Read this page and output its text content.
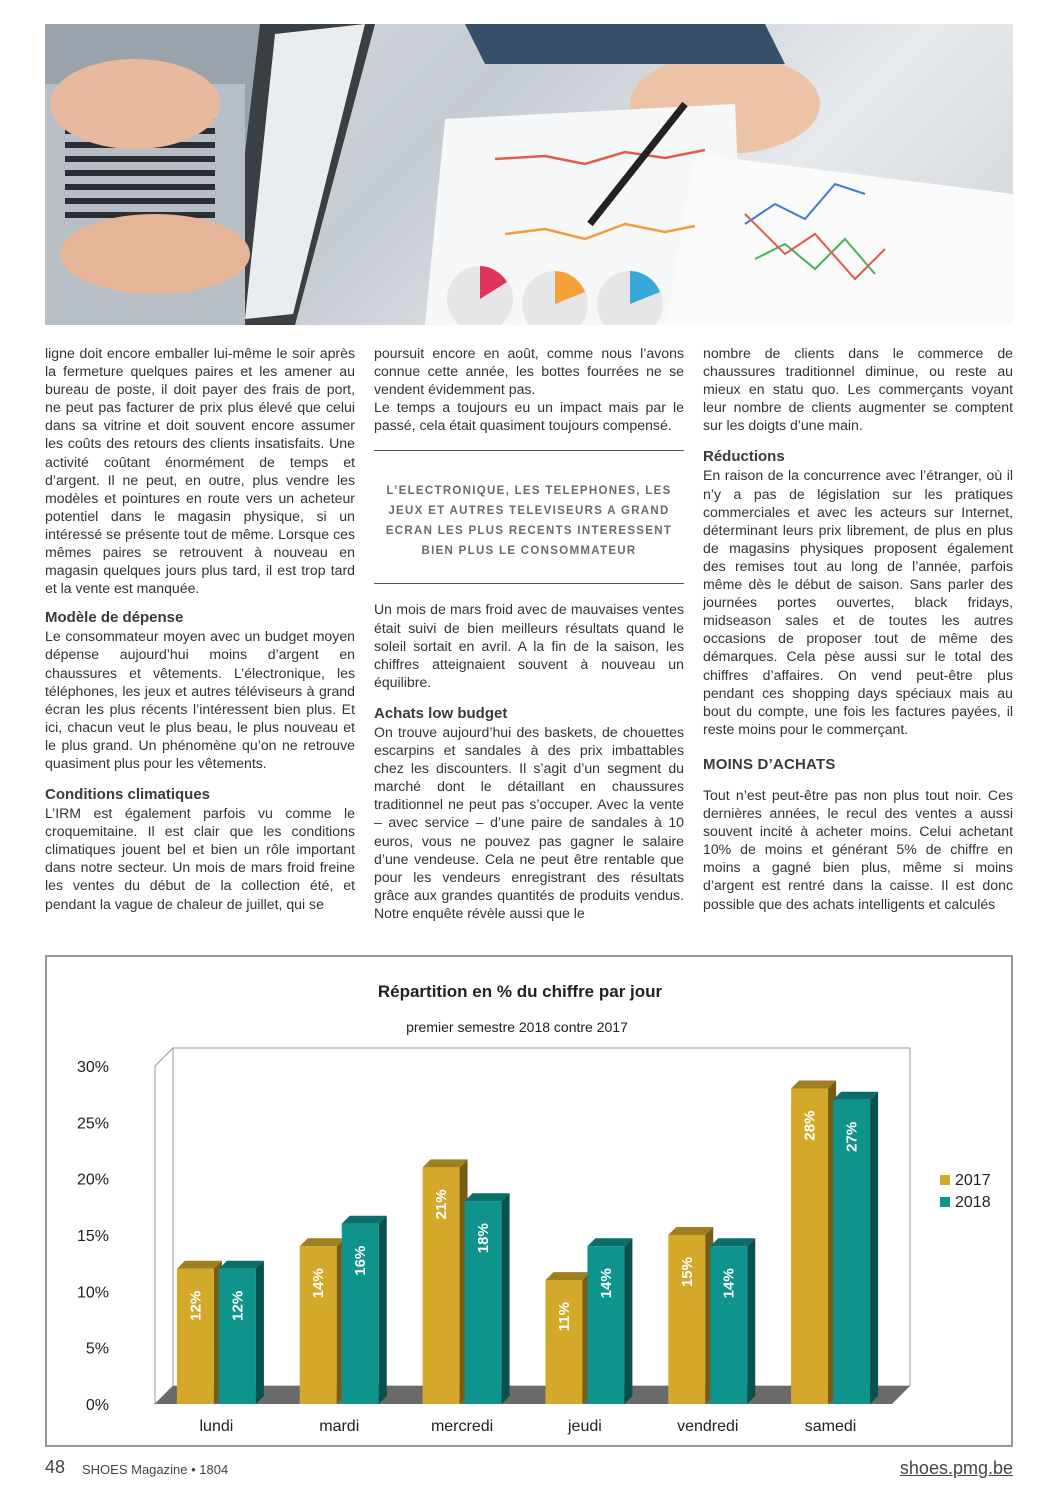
ligne doit encore emballer lui-même le soir après la fermeture quelques paires et les amener au bureau de poste, il doit payer des frais de port, ne peut pas facturer de prix plus élevé que celui dans sa vitrine et doit souvent encore assumer les coûts des retours des clients insatisfaits. Une activité coûtant énormément de temps et d’argent. Il ne peut, en outre, plus vendre les modèles et pointures en route vers un acheteur potentiel dans le magasin physique, si un intéressé se présente tout de même. Lorsque ces mêmes paires se retrouvent à nouveau en magasin quelques jours plus tard, il est trop tard et la vente est manquée.

Modèle de dépense

Le consommateur moyen avec un budget moyen dépense aujourd’hui moins d’argent en chaussures et vêtements. L’électronique, les téléphones, les jeux et autres téléviseurs à grand écran les plus récents l’intéressent bien plus. Et ici, chacun veut le plus beau, le plus nouveau et le plus grand. Un phénomène qu’on ne retrouve quasiment plus pour les vêtements.

Conditions climatiques

L’IRM est également parfois vu comme le croquemitaine. Il est clair que les conditions climatiques jouent bel et bien un rôle important dans notre secteur. Un mois de mars froid freine les ventes du début de la collection été, et pendant la vague de chaleur de juillet, qui se

poursuit encore en août, comme nous l’avons connue cette année, les bottes fourrées ne se vendent évidemment pas.

Le temps a toujours eu un impact mais par le passé, cela était quasiment toujours compensé.

L’ELECTRONIQUE, LES TELEPHONES, LES JEUX ET AUTRES TELEVISEURS A GRAND ECRAN LES PLUS RECENTS INTERESSENT BIEN PLUS LE CONSOMMATEUR

Un mois de mars froid avec de mauvaises ventes était suivi de bien meilleurs résultats quand le soleil sortait en avril. A la fin de la saison, les chiffres atteignaient souvent à nouveau un équilibre.

Achats low budget

On trouve aujourd’hui des baskets, de chouettes escarpins et sandales à des prix imbattables chez les discounters. Il s’agit d’un segment du marché dont le détaillant en chaussures traditionnel ne peut pas s’occuper. Avec la vente – avec service – d’une paire de sandales à 10 euros, vous ne pouvez pas gagner le salaire d’une vendeuse. Cela ne peut être rentable que pour les vendeurs enregistrant des résultats grâce aux grandes quantités de produits vendus. Notre enquête révèle aussi que le

nombre de clients dans le commerce de chaussures traditionnel diminue, ou reste au mieux en statu quo. Les commerçants voyant leur nombre de clients augmenter se comptent sur les doigts d’une main.

Réductions

En raison de la concurrence avec l’étranger, où il n’y a pas de législation sur les pratiques commerciales et avec les acteurs sur Internet, déterminant leurs prix librement, de plus en plus de magasins physiques proposent également des remises tout au long de l’année, parfois même dès le début de saison. Sans parler des journées portes ouvertes, black fridays, midseason sales et de toutes les autres occasions de proposer tout de même des démarques. Cela pèse aussi sur le total des chiffres d’affaires. On vend peut-être plus pendant ces shopping days spéciaux mais au bout du compte, une fois les factures payées, il reste moins pour le commerçant.

MOINS D’ACHATS

Tout n’est peut-être pas non plus tout noir. Ces dernières années, le recul des ventes a aussi souvent incité à acheter moins. Celui achetant 10% de moins et générant 5% de chiffre en moins a gagné bien plus, même si moins d’argent est rentré dans la caisse. Il est donc possible que des achats intelligents et calculés

Répartition en % du chiffre par jour
premier semestre 2018 contre 2017
0%
5%
10%
15%
20%
25%
30%
12% 12%
14%
16%
21%
18%
11%
14%	15% 14%
28% 27%
lundi	mardi	mercredi	jeudi	vendredi	samedi
2017
2018
48 SHOES Magazine • 1804	shoes.pmg.be
